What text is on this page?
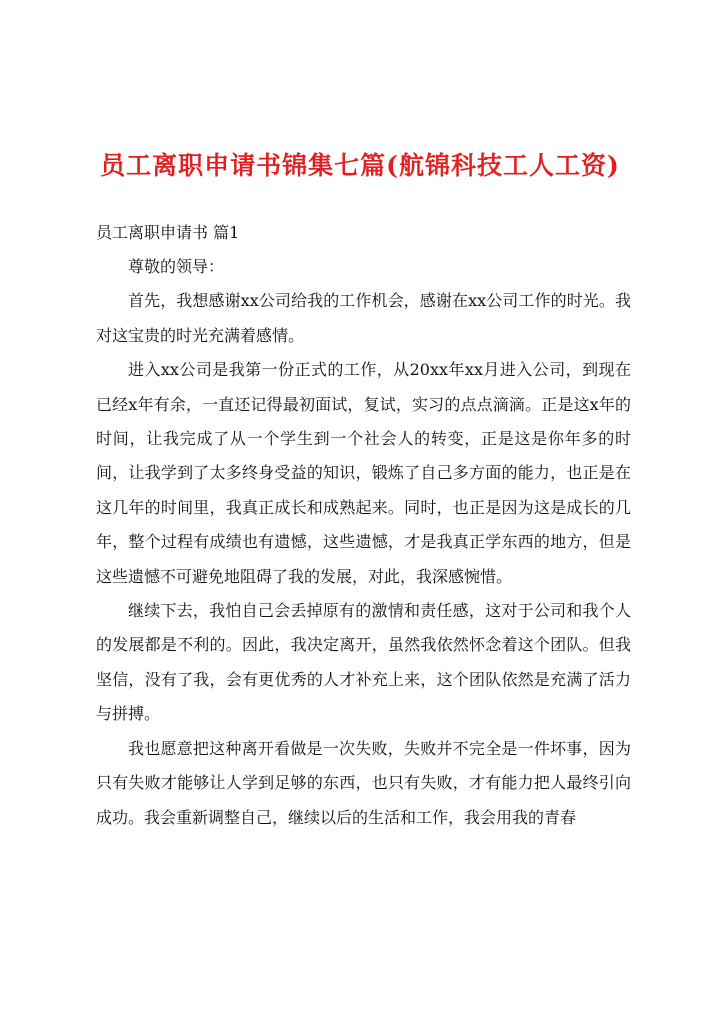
员工离职申请书锦集七篇(航锦科技工人工资)

员工离职申请书 篇1

尊敬的领导：

首先，我想感谢xx公司给我的工作机会，感谢在xx公司工作的时光。我对这宝贵的时光充满着感情。

进入xx公司是我第一份正式的工作，从20xx年xx月进入公司，到现在已经x年有余，一直还记得最初面试，复试，实习的点点滴滴。正是这x年的时间，让我完成了从一个学生到一个社会人的转变，正是这是你年多的时间，让我学到了太多终身受益的知识，锻炼了自己多方面的能力，也正是在这几年的时间里，我真正成长和成熟起来。同时，也正是因为这是成长的几年，整个过程有成绩也有遗憾，这些遗憾，才是我真正学东西的地方，但是这些遗憾不可避免地阻碍了我的发展，对此，我深感惋惜。

继续下去，我怕自己会丢掉原有的激情和责任感，这对于公司和我个人的发展都是不利的。因此，我决定离开，虽然我依然怀念着这个团队。但我坚信，没有了我，会有更优秀的人才补充上来，这个团队依然是充满了活力与拼搏。

我也愿意把这种离开看做是一次失败，失败并不完全是一件坏事，因为只有失败才能够让人学到足够的东西，也只有失败，才有能力把人最终引向成功。我会重新调整自己，继续以后的生活和工作，我会用我的青春
